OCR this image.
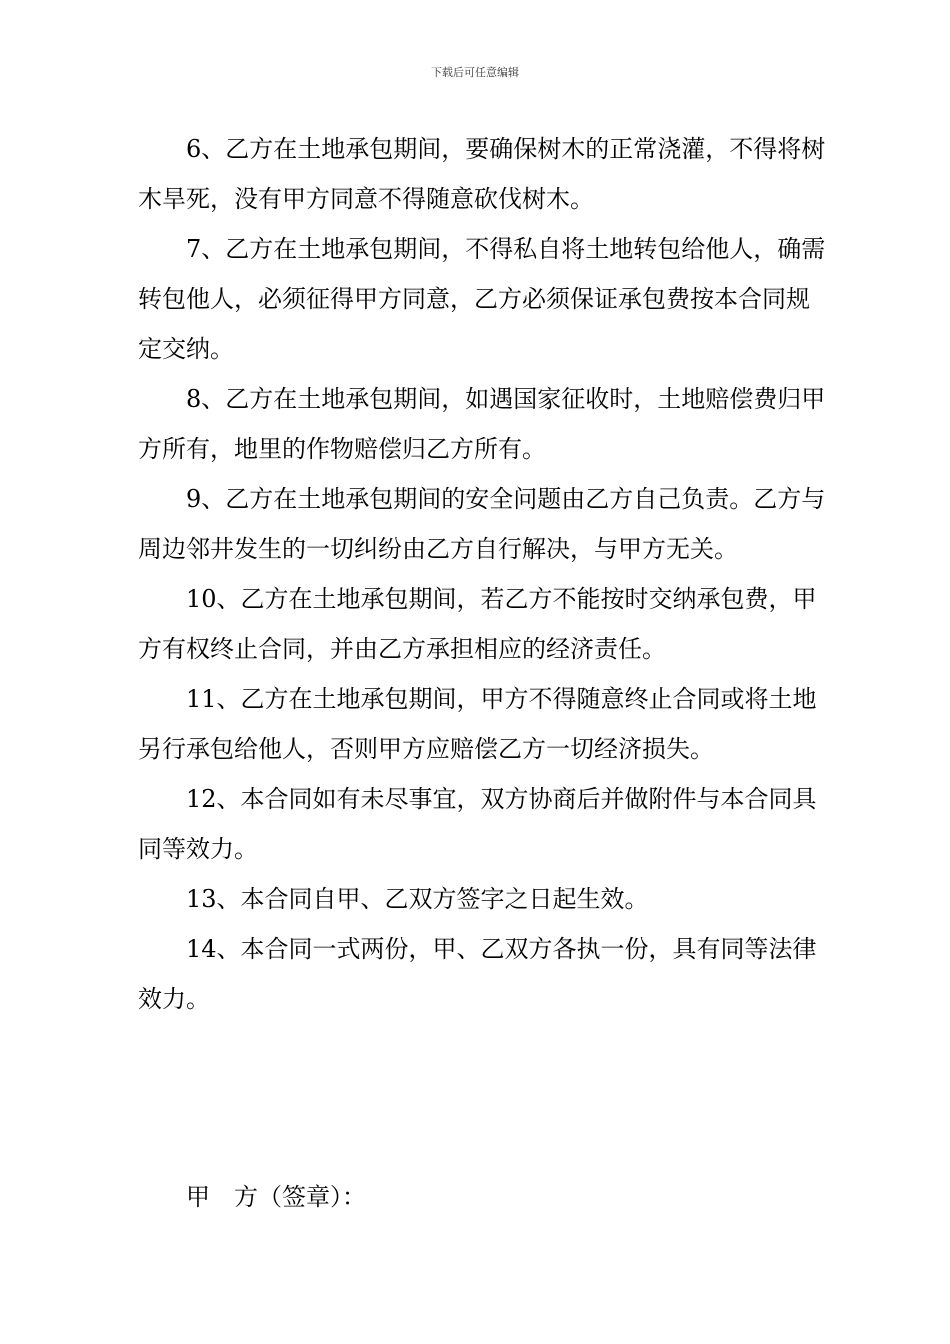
下载后可任意编辑

6、乙方在土地承包期间，要确保树木的正常浇灌，不得将树木旱死，没有甲方同意不得随意砍伐树木。

7、乙方在土地承包期间，不得私自将土地转包给他人，确需转包他人，必须征得甲方同意，乙方必须保证承包费按本合同规定交纳。

8、乙方在土地承包期间，如遇国家征收时，土地赔偿费归甲方所有，地里的作物赔偿归乙方所有。

9、乙方在土地承包期间的安全问题由乙方自己负责。乙方与周边邻井发生的一切纠纷由乙方自行解决，与甲方无关。

10、乙方在土地承包期间，若乙方不能按时交纳承包费，甲方有权终止合同，并由乙方承担相应的经济责任。

11、乙方在土地承包期间，甲方不得随意终止合同或将土地另行承包给他人，否则甲方应赔偿乙方一切经济损失。

12、本合同如有未尽事宜，双方协商后并做附件与本合同具同等效力。

13、本合同自甲、乙双方签字之日起生效。

14、本合同一式两份，甲、乙双方各执一份，具有同等法律效力。

甲　方（签章）：
